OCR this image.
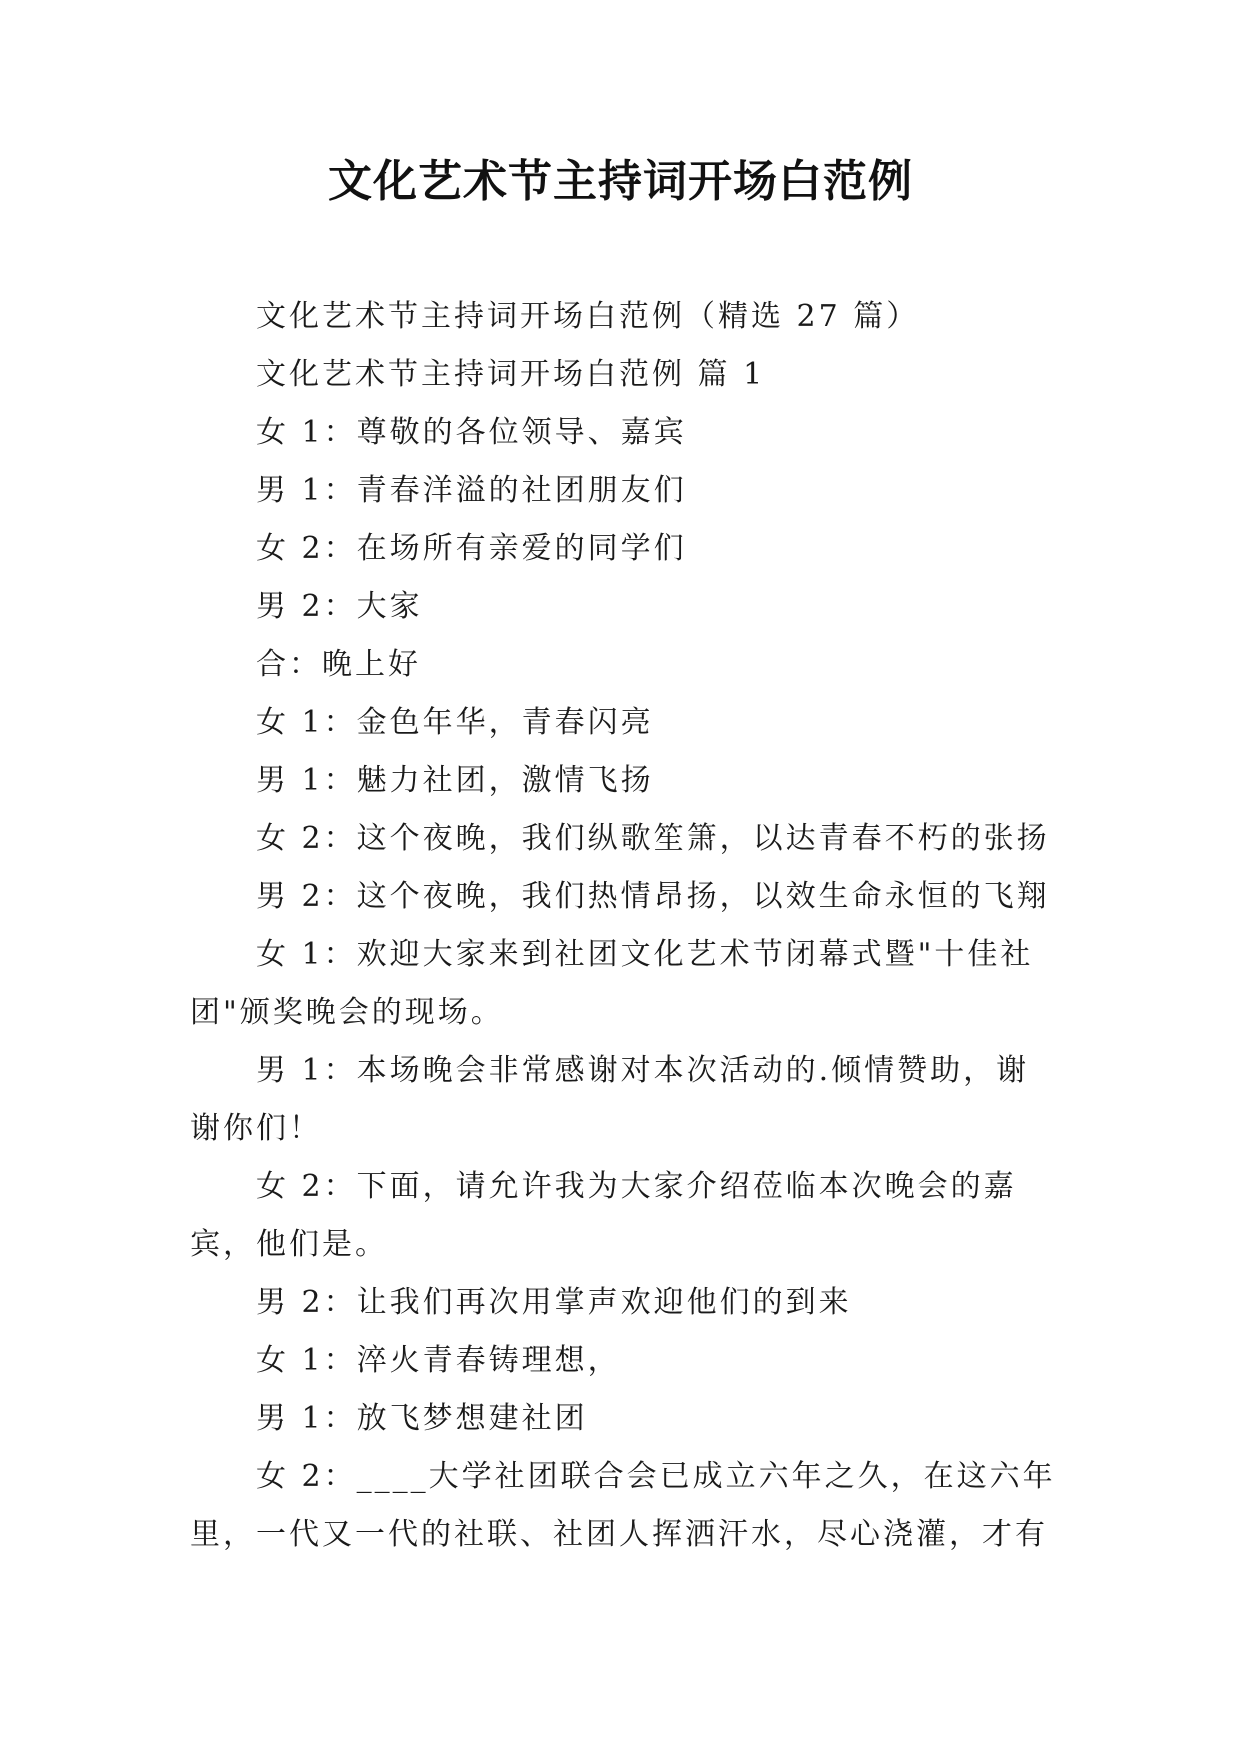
文化艺术节主持词开场白范例

文化艺术节主持词开场白范例（精选 27 篇）

文化艺术节主持词开场白范例 篇 1

女 1：尊敬的各位领导、嘉宾

男 1：青春洋溢的社团朋友们

女 2：在场所有亲爱的同学们

男 2：大家

合：晚上好

女 1：金色年华，青春闪亮

男 1：魅力社团，激情飞扬

女 2：这个夜晚，我们纵歌笙箫，以达青春不朽的张扬

男 2：这个夜晚，我们热情昂扬，以效生命永恒的飞翔

女 1：欢迎大家来到社团文化艺术节闭幕式暨"十佳社团"颁奖晚会的现场。

男 1：本场晚会非常感谢对本次活动的.倾情赞助，谢谢你们！

女 2：下面，请允许我为大家介绍莅临本次晚会的嘉宾，他们是。

男 2：让我们再次用掌声欢迎他们的到来

女 1：淬火青春铸理想，

男 1：放飞梦想建社团

女 2：____大学社团联合会已成立六年之久，在这六年里，一代又一代的社联、社团人挥洒汗水，尽心浇灌，才有
